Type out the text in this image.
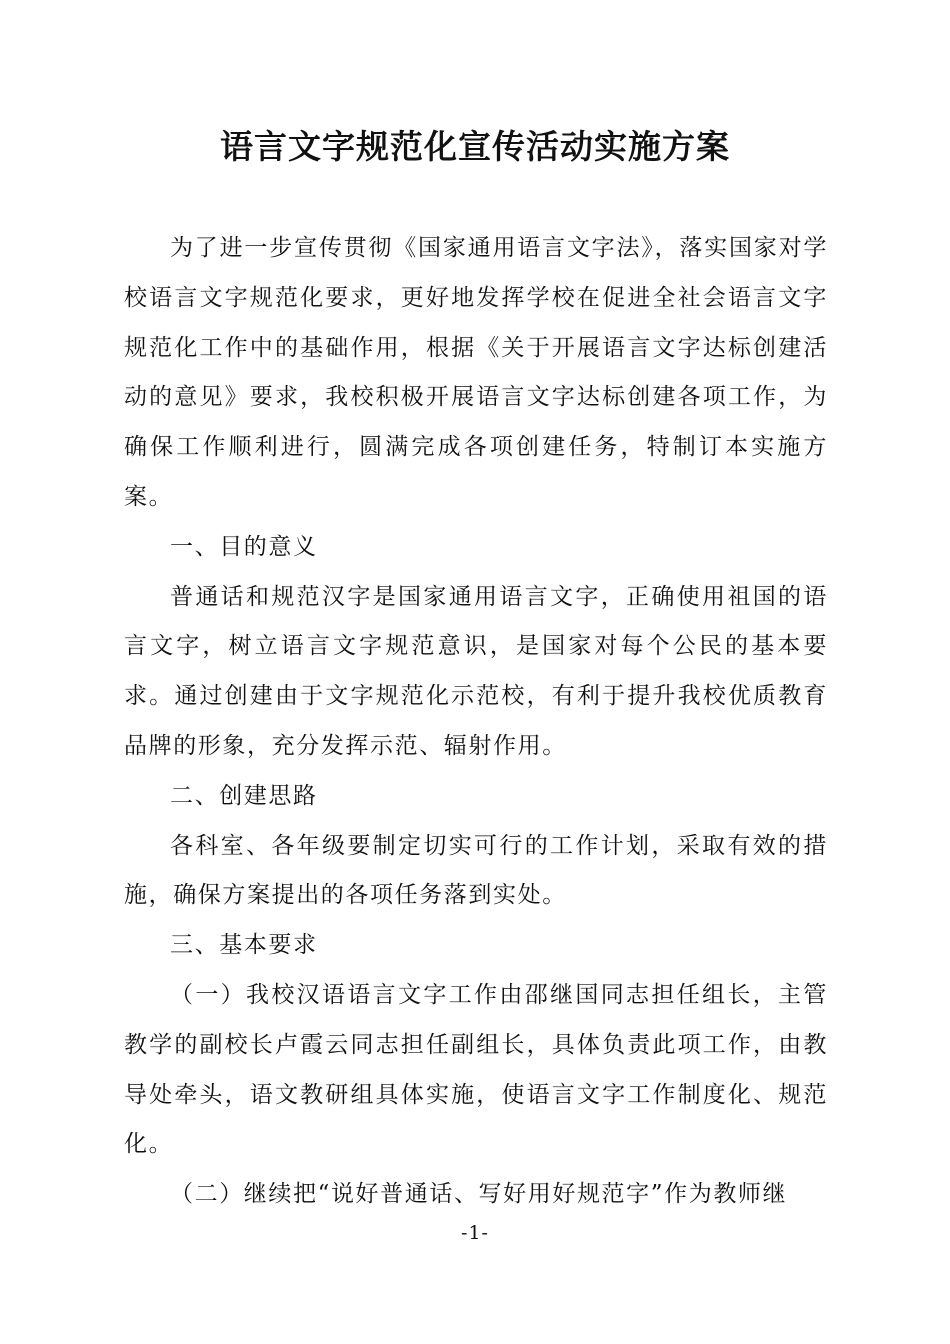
语言文字规范化宣传活动实施方案

为了进一步宣传贯彻《国家通用语言文字法》，落实国家对学校语言文字规范化要求，更好地发挥学校在促进全社会语言文字规范化工作中的基础作用，根据《关于开展语言文字达标创建活动的意见》要求，我校积极开展语言文字达标创建各项工作，为确保工作顺利进行，圆满完成各项创建任务，特制订本实施方案。

一、目的意义

普通话和规范汉字是国家通用语言文字，正确使用祖国的语言文字，树立语言文字规范意识，是国家对每个公民的基本要求。通过创建由于文字规范化示范校，有利于提升我校优质教育品牌的形象，充分发挥示范、辐射作用。

二、创建思路

各科室、各年级要制定切实可行的工作计划，采取有效的措施，确保方案提出的各项任务落到实处。

三、基本要求

（一）我校汉语语言文字工作由邵继国同志担任组长，主管教学的副校长卢霞云同志担任副组长，具体负责此项工作，由教导处牵头，语文教研组具体实施，使语言文字工作制度化、规范化。

（二）继续把“说好普通话、写好用好规范字”作为教师继

-1-
